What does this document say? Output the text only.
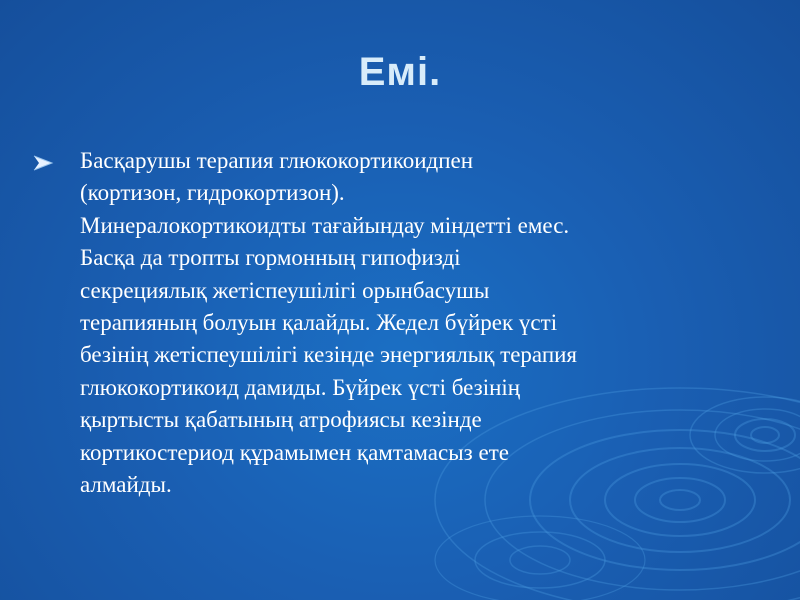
Емі.

Басқарушы терапия глюкокортикоидпен
(кортизон, гидрокортизон).
Минералокортикоидты тағайындау міндетті емес.
Басқа да тропты гормонның гипофизді
секрециялық жетіспеушілігі орынбасушы
терапияның болуын қалайды. Жедел бүйрек үсті
безінің жетіспеушілігі кезінде энергиялық терапия
глюкокортикоид дамиды. Бүйрек үсті безінің
қыртысты қабатының атрофиясы кезінде
кортикостериод құрамымен қамтамасыз ете
алмайды.
